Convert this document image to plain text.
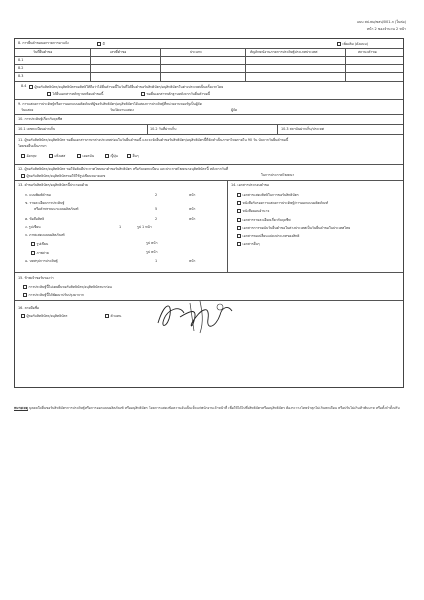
แบบ สป.พม/ขสป/001-ก (ใบต่อ)
หน้า 2 ของจำนวน 2 หน้า
8. การยื่นคำขอบอกรายการมาแจ้ง	มี	เพิ่มเติม (ดังแนบ)
วันที่ยื่นคำขอ	เลขที่คำขอ	ประเภท	สัญลักษณ์งานภาคการประดิษฐ์ประเภทประเทศ	สถานะคำขอ
8.1
8.2
8.3
8.4	ผู้ขอรับสิทธิบัตร/อนุสิทธิบัตรขอสิทธิให้ถือว่าได้ยื่นคำขอนี้ในวันที่ได้ยื่นคำขอรับสิทธิบัตร/อนุสิทธิบัตรในต่างประเทศเป็นครั้งแรกโดย
ได้ยื่นเอกสารหลักฐานพร้อมคำขอนี้	ขอยื่นเอกสารหลักฐานหลังจากวันยื่นคำขอนี้
9. การแสดงการประดิษฐ์หรือการออกแบบผลิตภัณฑ์ผู้ขอรับสิทธิบัตร/อนุสิทธิบัตรได้แสดงการประดิษฐ์ที่หน่วยงานของรัฐเป็นผู้จัด
วันแสดง	วันเปิดงานแสดง	ผู้จัด
10. การประดิษฐ์เกี่ยวกับจุลชีพ
10.1 เลขทะเบียนฝากเก็บ	10.2 วันที่ฝากเก็บ	10.3 สถาบันฝากเก็บ/ประเทศ
11. ผู้ขอรับสิทธิบัตร/อนุสิทธิบัตร ขอยื่นเอกสารภาษาต่างประเทศก่อนในวันยื่นคำขอนี้ และจะจัดยื่นคำขอรับสิทธิบัตร/อนุสิทธิบัตรนี้ที่จัดทำเป็นภาษาไทยภายใน 90 วัน นับจากวันยื่นคำขอนี้
โดยขอยื่นเป็นภาษา
อังกฤษ	ฝรั่งเศส	เยอรมัน	ญี่ปุ่น	อื่นๆ
12. ผู้ขอรับสิทธิบัตร/อนุสิทธิบัตร ขอให้อธิบดีประกาศโฆษณาคำขอรับสิทธิบัตร หรือรับจดทะเบียน และประกาศโฆษณาอนุสิทธิบัตรนี้ หลังจากวันที่
ผู้ขอรับสิทธิบัตร/อนุสิทธิบัตรขอให้ใช้รูปเขียนหมายเลข	ในการประกาศโฆษณา
13. คำขอรับสิทธิบัตร/อนุสิทธิบัตรนี้ประกอบด้วย
ก. แบบพิมพ์คำขอ	2	หน้า
ข. รายละเอียดการประดิษฐ์
หรือคำพรรณนาแบบผลิตภัณฑ์	5	หน้า
ค. ข้อถือสิทธิ	2	หน้า
ง. รูปเขียน	1	รูป 1 หน้า
จ. ภาพแสดงแบบผลิตภัณฑ์
รูปเขียน	รูป หน้า
ภาพถ่าย	รูป หน้า
ฉ. บทสรุปการประดิษฐ์	1	หน้า
14. เอกสารประกอบคำขอ
เอกสารแสดงสิทธิในการขอรับสิทธิบัตร
หนังสือรับรองการแสดงการประดิษฐ์/การออกแบบผลิตภัณฑ์
หนังสือมอบอำนาจ
เอกสารรายละเอียดเกี่ยวกับจุลชีพ
เอกสารการขอนับวันยื่นคำขอในต่างประเทศเป็นวันยื่นคำขอในประเทศไทย
เอกสารขอเปลี่ยนแปลงประเภทของสิทธิ
เอกสารอื่นๆ
15. ข้าพเจ้าขอรับรองว่า
การประดิษฐ์นี้ไม่เคยยื่นขอรับสิทธิบัตร/อนุสิทธิบัตรมาก่อน
การประดิษฐ์นี้ได้พัฒนาปรับปรุงมาจาก
16. ลายมือชื่อ
ผู้ขอรับสิทธิบัตร/อนุสิทธิบัตร	ตัวแทน
หมายเหตุ บุคคลใดยื่นขอรับสิทธิบัตรการประดิษฐ์หรือการออกแบบผลิตภัณฑ์ หรืออนุสิทธิบัตร โดยการแสดงข้อความอันเป็นเท็จแก่พนักงานเจ้าหน้าที่ เพื่อให้ได้ไปซึ่งสิทธิบัตรหรืออนุสิทธิบัตร ต้องระวางโทษจำคุกไม่เกินหกเดือน หรือปรับไม่เกินห้าพันบาท หรือทั้งจำทั้งปรับ
